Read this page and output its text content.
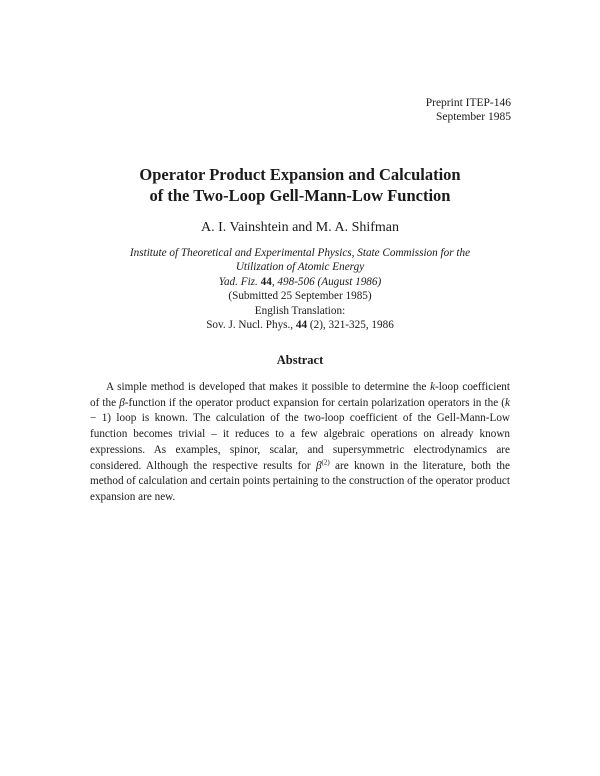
Preprint ITEP-146
September 1985
Operator Product Expansion and Calculation
of the Two-Loop Gell-Mann-Low Function
A. I. Vainshtein and M. A. Shifman
Institute of Theoretical and Experimental Physics, State Commission for the
Utilization of Atomic Energy
Yad. Fiz. 44, 498-506 (August 1986)
(Submitted 25 September 1985)
English Translation:
Sov. J. Nucl. Phys., 44 (2), 321-325, 1986
Abstract
A simple method is developed that makes it possible to determine the k-loop coefficient of the β-function if the operator product expansion for certain polarization operators in the (k − 1) loop is known. The calculation of the two-loop coefficient of the Gell-Mann-Low function becomes trivial – it reduces to a few algebraic operations on already known expressions. As examples, spinor, scalar, and supersymmetric electrodynamics are considered. Although the respective results for $\beta^{(2)}$ are known in the literature, both the method of calculation and certain points pertaining to the construction of the operator product expansion are new.
